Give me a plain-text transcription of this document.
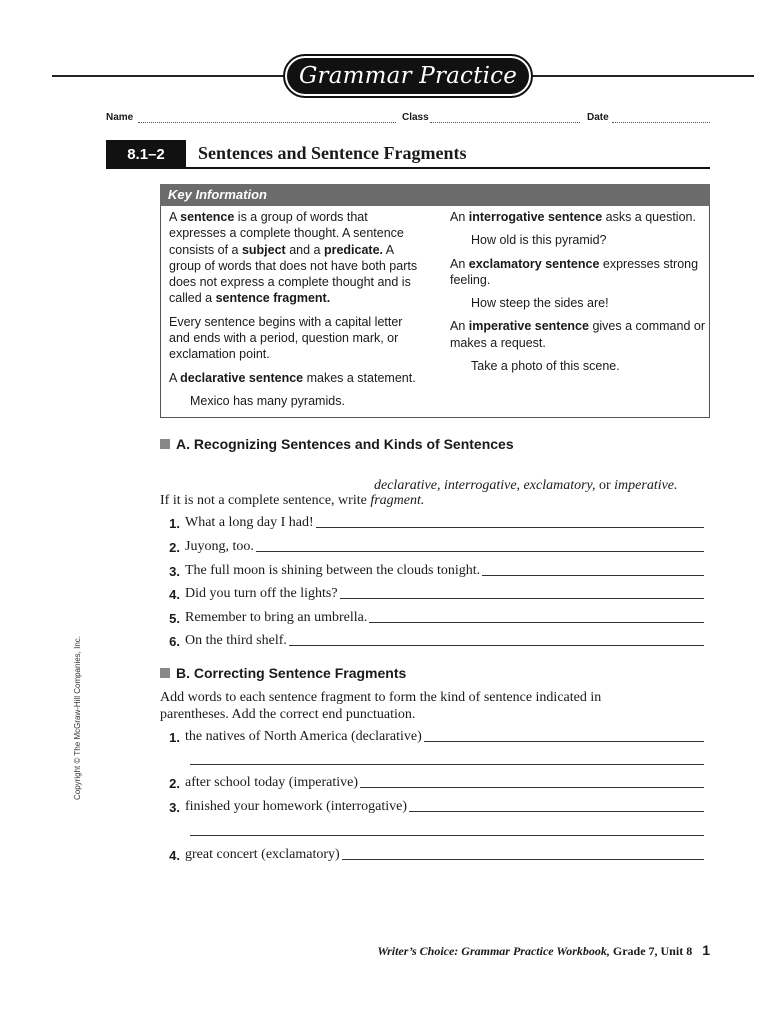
Grammar Practice
Name	Class	Date
8.1–2	Sentences and Sentence Fragments
Key Information

A sentence is a group of words that expresses a complete thought. A sentence consists of a subject and a predicate. A group of words that does not have both parts does not express a complete thought and is called a sentence fragment.

Every sentence begins with a capital letter and ends with a period, question mark, or exclamation point.

A declarative sentence makes a statement.

Mexico has many pyramids.

An interrogative sentence asks a question.

How old is this pyramid?

An exclamatory sentence expresses strong feeling.

How steep the sides are!

An imperative sentence gives a command or makes a request.

Take a photo of this scene.

A. Recognizing Sentences and Kinds of Sentences
declarative, interrogative, exclamatory, or imperative.
If it is not a complete sentence, write fragment.
1. What a long day I had!
2. Juyong, too.
3. The full moon is shining between the clouds tonight.
4. Did you turn off the lights?
5. Remember to bring an umbrella.
6. On the third shelf.
B. Correcting Sentence Fragments
Add words to each sentence fragment to form the kind of sentence indicated in
parentheses. Add the correct end punctuation.
1. the natives of North America (declarative)
2. after school today (imperative)
3. finished your homework (interrogative)
4. great concert (exclamatory)
Copyright © The McGraw-Hill Companies, Inc.
Writer’s Choice: Grammar Practice Workbook, Grade 7, Unit 8 1
